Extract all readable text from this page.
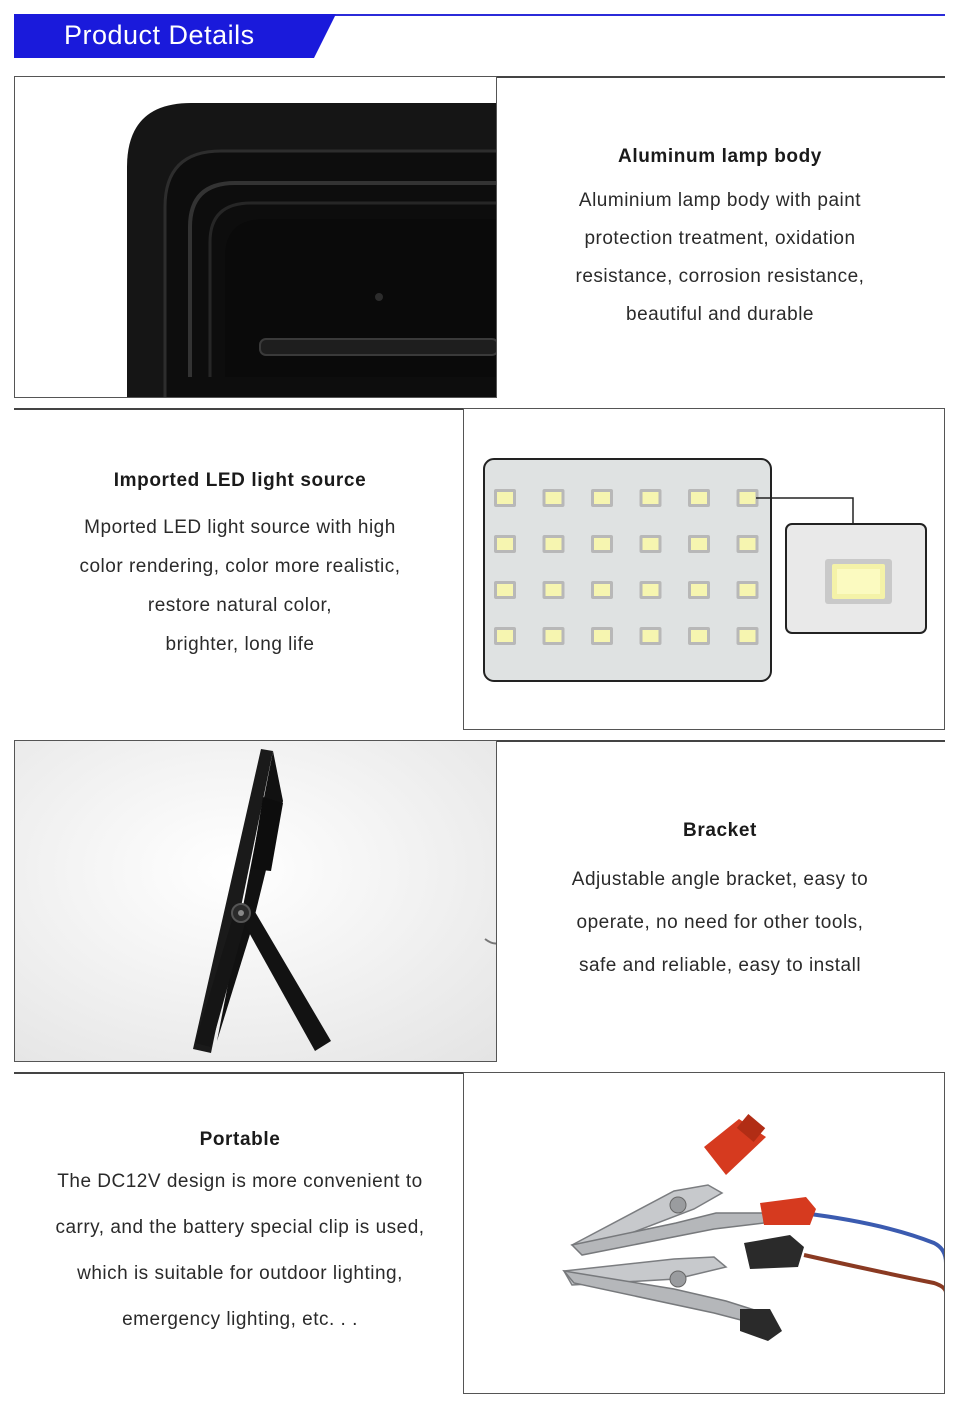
Product Details
Aluminum lamp body
Aluminium lamp body with paint
protection treatment, oxidation
resistance, corrosion resistance,
beautiful and durable
Imported LED light source
Mported LED light source with high
color rendering, color more realistic,
restore natural color,
brighter, long life
Bracket
Adjustable angle bracket, easy to
operate, no need for other tools,
safe and reliable, easy to install
Portable
The DC12V design is more convenient to
carry, and the battery special clip is used,
which is suitable for outdoor lighting,
emergency lighting, etc. . .
